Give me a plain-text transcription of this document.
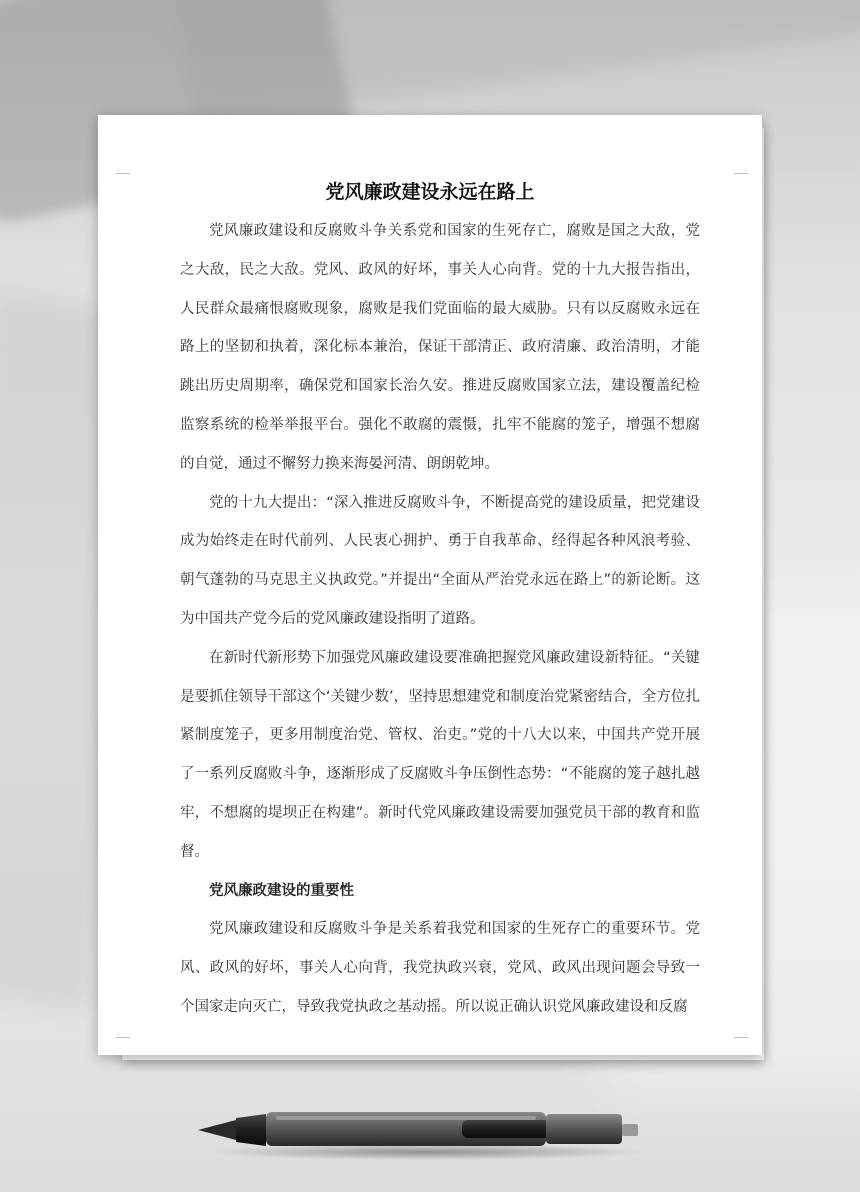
党风廉政建设永远在路上

党风廉政建设和反腐败斗争关系党和国家的生死存亡，腐败是国之大敌，党之大敌，民之大敌。党风、政风的好坏，事关人心向背。党的十九大报告指出，人民群众最痛恨腐败现象，腐败是我们党面临的最大威胁。只有以反腐败永远在路上的坚韧和执着，深化标本兼治，保证干部清正、政府清廉、政治清明，才能跳出历史周期率，确保党和国家长治久安。推进反腐败国家立法，建设覆盖纪检监察系统的检举举报平台。强化不敢腐的震慑，扎牢不能腐的笼子，增强不想腐的自觉，通过不懈努力换来海晏河清、朗朗乾坤。

党的十九大提出：“深入推进反腐败斗争，不断提高党的建设质量，把党建设成为始终走在时代前列、人民衷心拥护、勇于自我革命、经得起各种风浪考验、朝气蓬勃的马克思主义执政党。”并提出“全面从严治党永远在路上”的新论断。这为中国共产党今后的党风廉政建设指明了道路。

在新时代新形势下加强党风廉政建设要准确把握党风廉政建设新特征。“关键是要抓住领导干部这个‘关键少数’，坚持思想建党和制度治党紧密结合，全方位扎紧制度笼子，更多用制度治党、管权、治吏。”党的十八大以来，中国共产党开展了一系列反腐败斗争，逐渐形成了反腐败斗争压倒性态势：“不能腐的笼子越扎越牢，不想腐的堤坝正在构建”。新时代党风廉政建设需要加强党员干部的教育和监督。

党风廉政建设的重要性

党风廉政建设和反腐败斗争是关系着我党和国家的生死存亡的重要环节。党风、政风的好坏，事关人心向背，我党执政兴衰，党风、政风出现问题会导致一个国家走向灭亡，导致我党执政之基动摇。所以说正确认识党风廉政建设和反腐
